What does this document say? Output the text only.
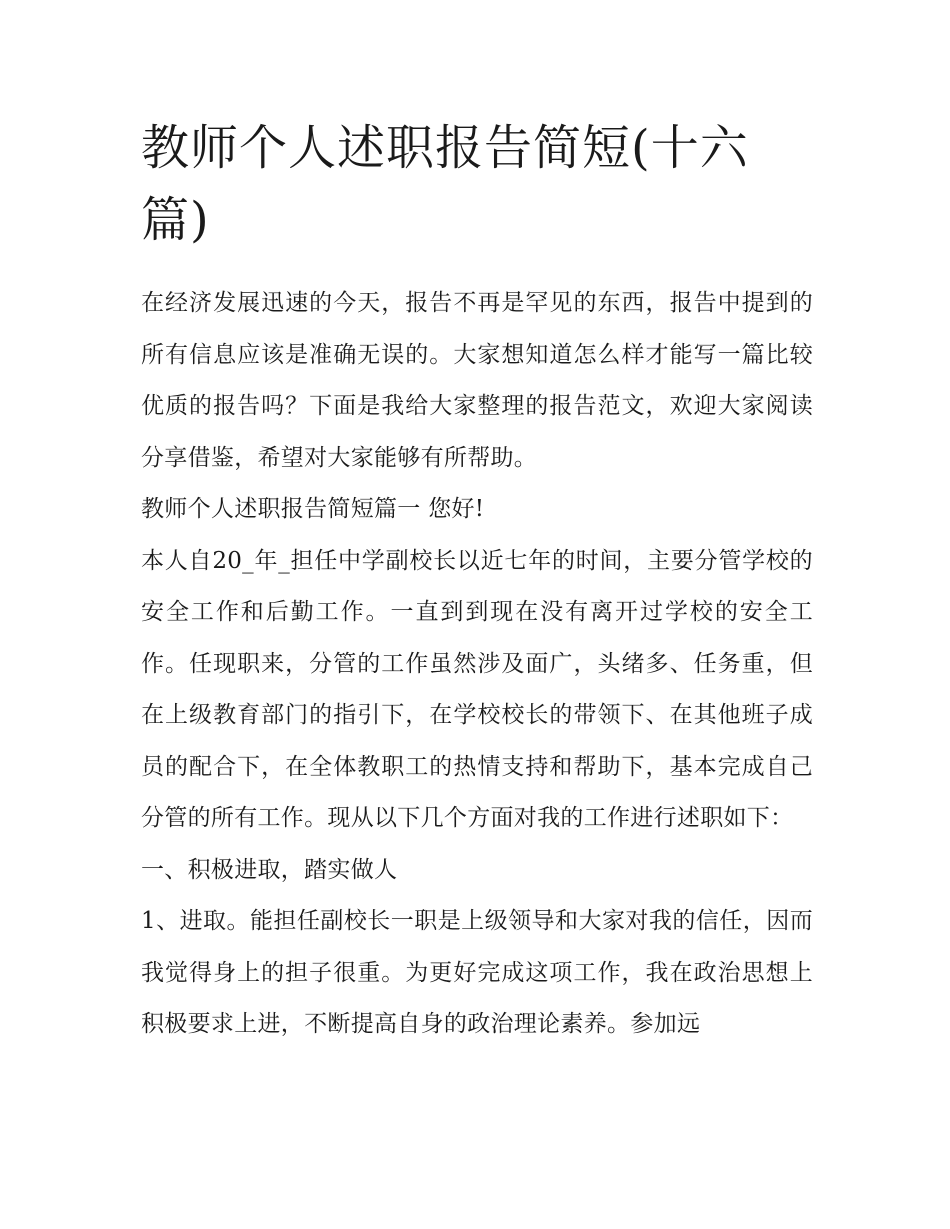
教师个人述职报告简短(十六篇)

在经济发展迅速的今天，报告不再是罕见的东西，报告中提到的所有信息应该是准确无误的。大家想知道怎么样才能写一篇比较优质的报告吗？下面是我给大家整理的报告范文，欢迎大家阅读分享借鉴，希望对大家能够有所帮助。

教师个人述职报告简短篇一 您好!

本人自20_年_担任中学副校长以近七年的时间，主要分管学校的安全工作和后勤工作。一直到到现在没有离开过学校的安全工作。任现职来，分管的工作虽然涉及面广，头绪多、任务重，但在上级教育部门的指引下，在学校校长的带领下、在其他班子成员的配合下，在全体教职工的热情支持和帮助下，基本完成自己分管的所有工作。现从以下几个方面对我的工作进行述职如下：

一、积极进取，踏实做人

1、进取。能担任副校长一职是上级领导和大家对我的信任，因而我觉得身上的担子很重。为更好完成这项工作，我在政治思想上积极要求上进，不断提高自身的政治理论素养。参加远
